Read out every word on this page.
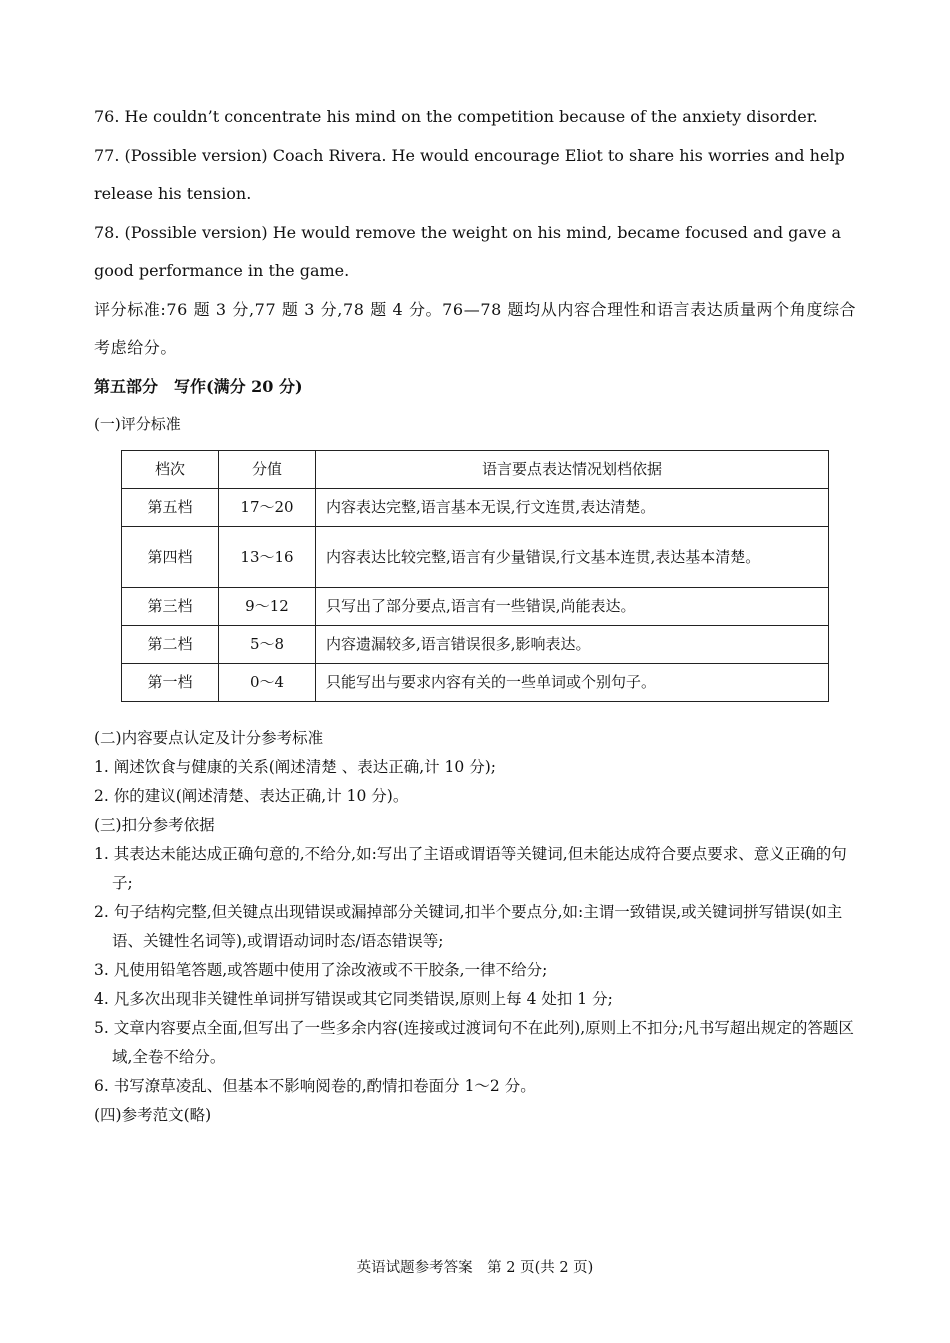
76. He couldn’t concentrate his mind on the competition because of the anxiety disorder.

77. (Possible version) Coach Rivera. He would encourage Eliot to share his worries and help release his tension.

78. (Possible version) He would remove the weight on his mind, became focused and gave a good performance in the game.

评分标准:76 题 3 分,77 题 3 分,78 题 4 分。76—78 题均从内容合理性和语言表达质量两个角度综合考虑给分。

第五部分　写作(满分 20 分)

(一)评分标准

档次	分值	语言要点表达情况划档依据
第五档	17～20	内容表达完整,语言基本无误,行文连贯,表达清楚。
第四档	13～16	内容表达比较完整,语言有少量错误,行文基本连贯,表达基本清楚。
第三档	9～12	只写出了部分要点,语言有一些错误,尚能表达。
第二档	5～8	内容遗漏较多,语言错误很多,影响表达。
第一档	0～4	只能写出与要求内容有关的一些单词或个别句子。

(二)内容要点认定及计分参考标准

1. 阐述饮食与健康的关系(阐述清楚 、表达正确,计 10 分);

2. 你的建议(阐述清楚、表达正确,计 10 分)。

(三)扣分参考依据

1. 其表达未能达成正确句意的,不给分,如:写出了主语或谓语等关键词,但未能达成符合要点要求、意义正确的句子;

2. 句子结构完整,但关键点出现错误或漏掉部分关键词,扣半个要点分,如:主谓一致错误,或关键词拼写错误(如主语、关键性名词等),或谓语动词时态/语态错误等;

3. 凡使用铅笔答题,或答题中使用了涂改液或不干胶条,一律不给分;

4. 凡多次出现非关键性单词拼写错误或其它同类错误,原则上每 4 处扣 1 分;

5. 文章内容要点全面,但写出了一些多余内容(连接或过渡词句不在此列),原则上不扣分;凡书写超出规定的答题区域,全卷不给分。

6. 书写潦草凌乱、但基本不影响阅卷的,酌情扣卷面分 1～2 分。

(四)参考范文(略)

英语试题参考答案　第 2 页(共 2 页)
